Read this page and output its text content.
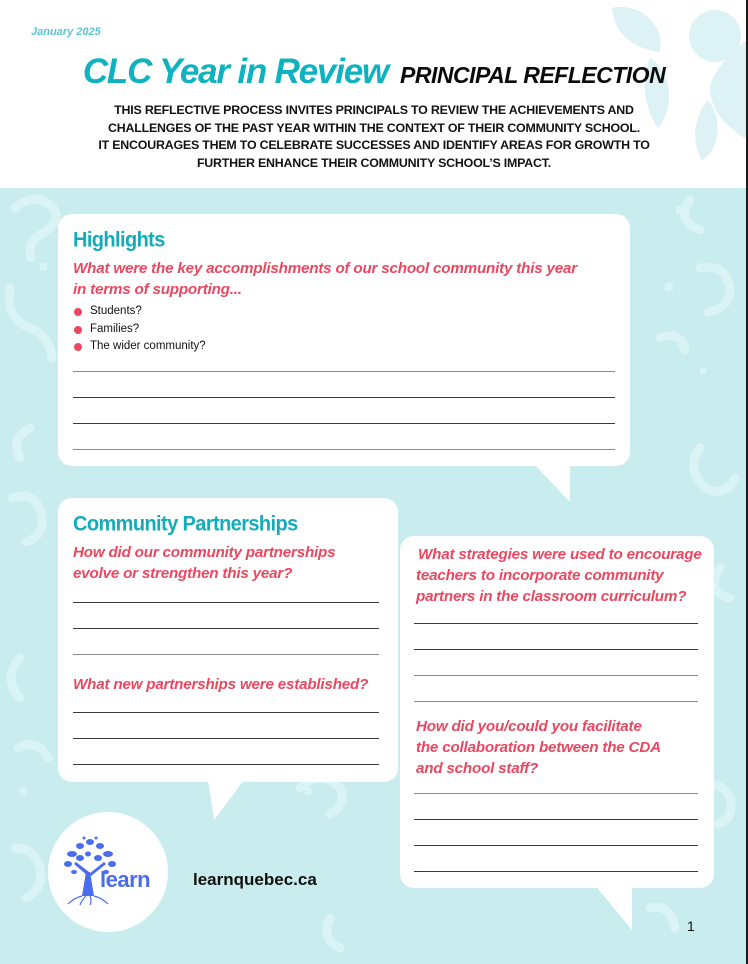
January 2025
CLC Year in Review PRINCIPAL REFLECTION
THIS REFLECTIVE PROCESS INVITES PRINCIPALS TO REVIEW THE ACHIEVEMENTS AND
CHALLENGES OF THE PAST YEAR WITHIN THE CONTEXT OF THEIR COMMUNITY SCHOOL.
IT ENCOURAGES THEM TO CELEBRATE SUCCESSES AND IDENTIFY AREAS FOR GROWTH TO
FURTHER ENHANCE THEIR COMMUNITY SCHOOL’S IMPACT.
Highlights
What were the key accomplishments of our school community this year
in terms of supporting...
Students?
Families?
The wider community?
Community Partnerships
How did our community partnerships
evolve or strengthen this year?
What new partnerships were established?
What strategies were used to encourage
teachers to incorporate community
partners in the classroom curriculum?
How did you/could you facilitate
the collaboration between the CDA
and school staff?
learn	learnquebec.ca
1
